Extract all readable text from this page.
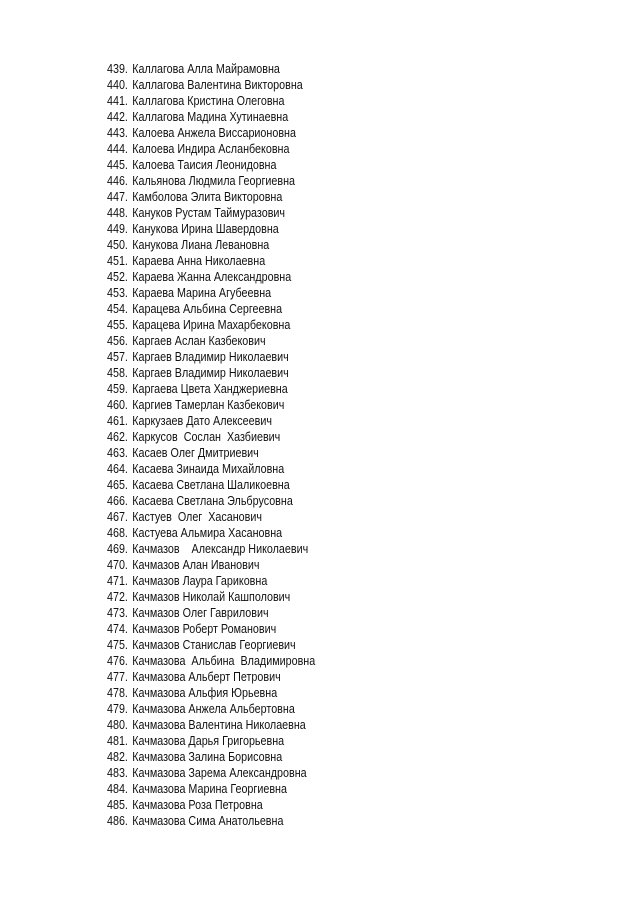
439. Каллагова Алла Майрамовна
440. Каллагова Валентина Викторовна
441. Каллагова Кристина Олеговна
442. Каллагова Мадина Хутинаевна
443. Калоева Анжела Виссарионовна
444. Калоева Индира Асланбековна
445. Калоева Таисия Леонидовна
446. Кальянова Людмила Георгиевна
447. Камболова Элита Викторовна
448. Кануков Рустам Таймуразович
449. Канукова Ирина Шавердовна
450. Канукова Лиана Левановна
451. Караева Анна Николаевна
452. Караева Жанна Александровна
453. Караева Марина Агубеевна
454. Карацева Альбина Сергеевна
455. Карацева Ирина Махарбековна
456. Каргаев Аслан Казбекович
457. Каргаев Владимир Николаевич
458. Каргаев Владимир Николаевич
459. Каргаева Цвета Ханджериевна
460. Каргиев Тамерлан Казбекович
461. Каркузаев Дато Алексеевич
462. Каркусов  Сослан  Хазбиевич
463. Касаев Олег Дмитриевич
464. Касаева Зинаида Михайловна
465. Касаева Светлана Шаликоевна
466. Касаева Светлана Эльбрусовна
467. Кастуев  Олег  Хасанович
468. Кастуева Альмира Хасановна
469. Качмазов    Александр Николаевич
470. Качмазов Алан Иванович
471. Качмазов Лаура Гариковна
472. Качмазов Николай Кашполович
473. Качмазов Олег Гаврилович
474. Качмазов Роберт Романович
475. Качмазов Станислав Георгиевич
476. Качмазова  Альбина  Владимировна
477. Качмазова Альберт Петрович
478. Качмазова Альфия Юрьевна
479. Качмазова Анжела Альбертовна
480. Качмазова Валентина Николаевна
481. Качмазова Дарья Григорьевна
482. Качмазова Залина Борисовна
483. Качмазова Зарема Александровна
484. Качмазова Марина Георгиевна
485. Качмазова Роза Петровна
486. Качмазова Сима Анатольевна
